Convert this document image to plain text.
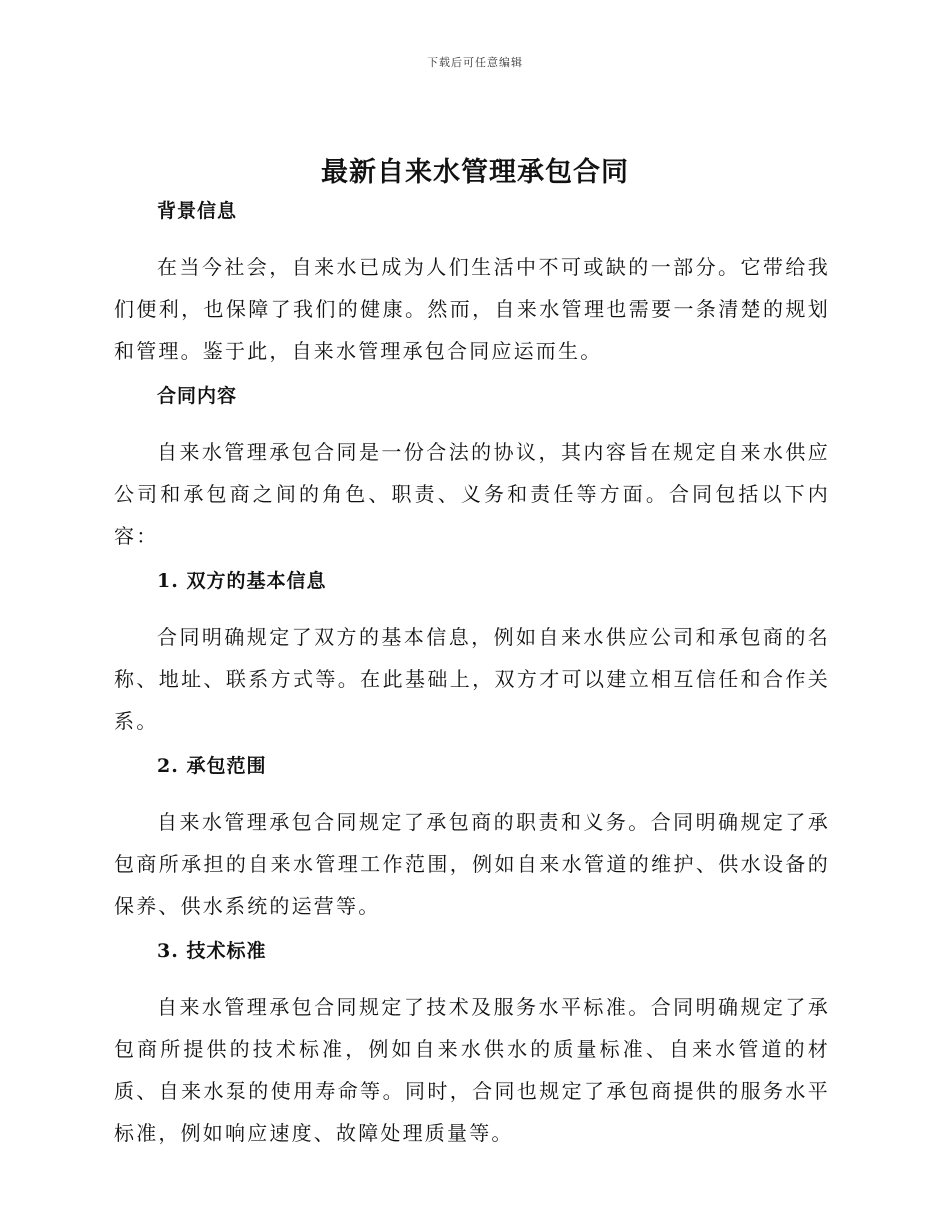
下载后可任意编辑
最新自来水管理承包合同
背景信息

在当今社会，自来水已成为人们生活中不可或缺的一部分。它带给我们便利，也保障了我们的健康。然而，自来水管理也需要一条清楚的规划和管理。鉴于此，自来水管理承包合同应运而生。

合同内容

自来水管理承包合同是一份合法的协议，其内容旨在规定自来水供应公司和承包商之间的角色、职责、义务和责任等方面。合同包括以下内容：

1. 双方的基本信息

合同明确规定了双方的基本信息，例如自来水供应公司和承包商的名称、地址、联系方式等。在此基础上，双方才可以建立相互信任和合作关系。

2. 承包范围

自来水管理承包合同规定了承包商的职责和义务。合同明确规定了承包商所承担的自来水管理工作范围，例如自来水管道的维护、供水设备的保养、供水系统的运营等。

3. 技术标准

自来水管理承包合同规定了技术及服务水平标准。合同明确规定了承包商所提供的技术标准，例如自来水供水的质量标准、自来水管道的材质、自来水泵的使用寿命等。同时，合同也规定了承包商提供的服务水平标准，例如响应速度、故障处理质量等。
